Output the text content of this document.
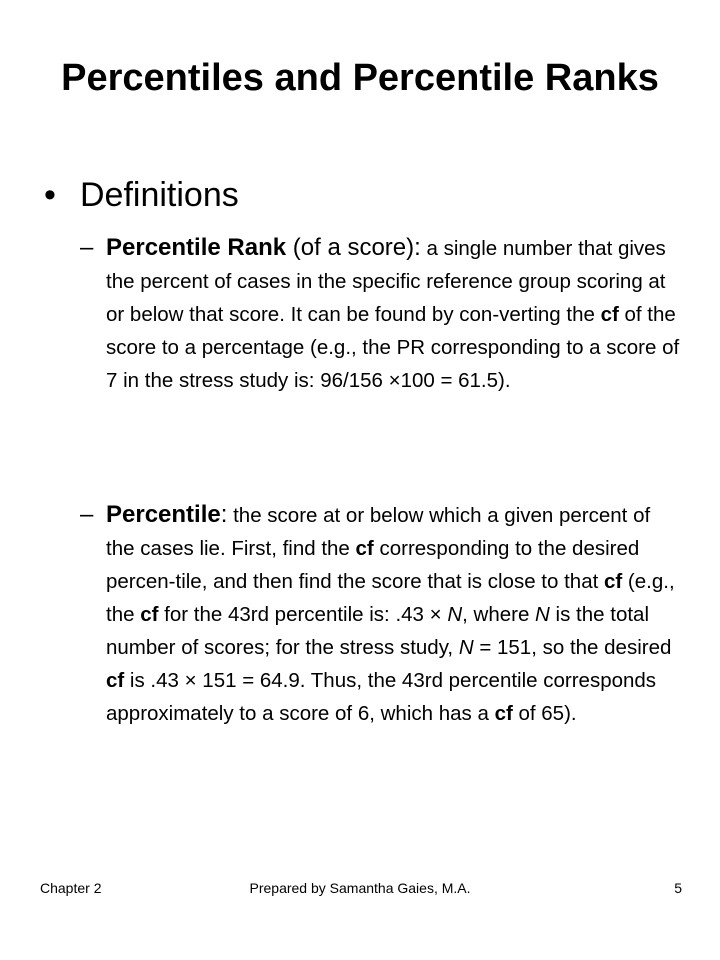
Percentiles and Percentile Ranks
• Definitions
– Percentile Rank (of a score): a single number that gives the percent of cases in the specific reference group scoring at or below that score. It can be found by con-verting the cf of the score to a percentage (e.g., the PR corresponding to a score of 7 in the stress study is: 96/156 ×100 = 61.5).
– Percentile: the score at or below which a given percent of the cases lie. First, find the cf corresponding to the desired percen-tile, and then find the score that is close to that cf (e.g., the cf for the 43rd percentile is: .43 × N, where N is the total number of scores; for the stress study, N = 151, so the desired cf is .43 × 151 = 64.9. Thus, the 43rd percentile corresponds approximately to a score of 6, which has a cf of 65).
Chapter 2	Prepared by Samantha Gaies, M.A.	5
